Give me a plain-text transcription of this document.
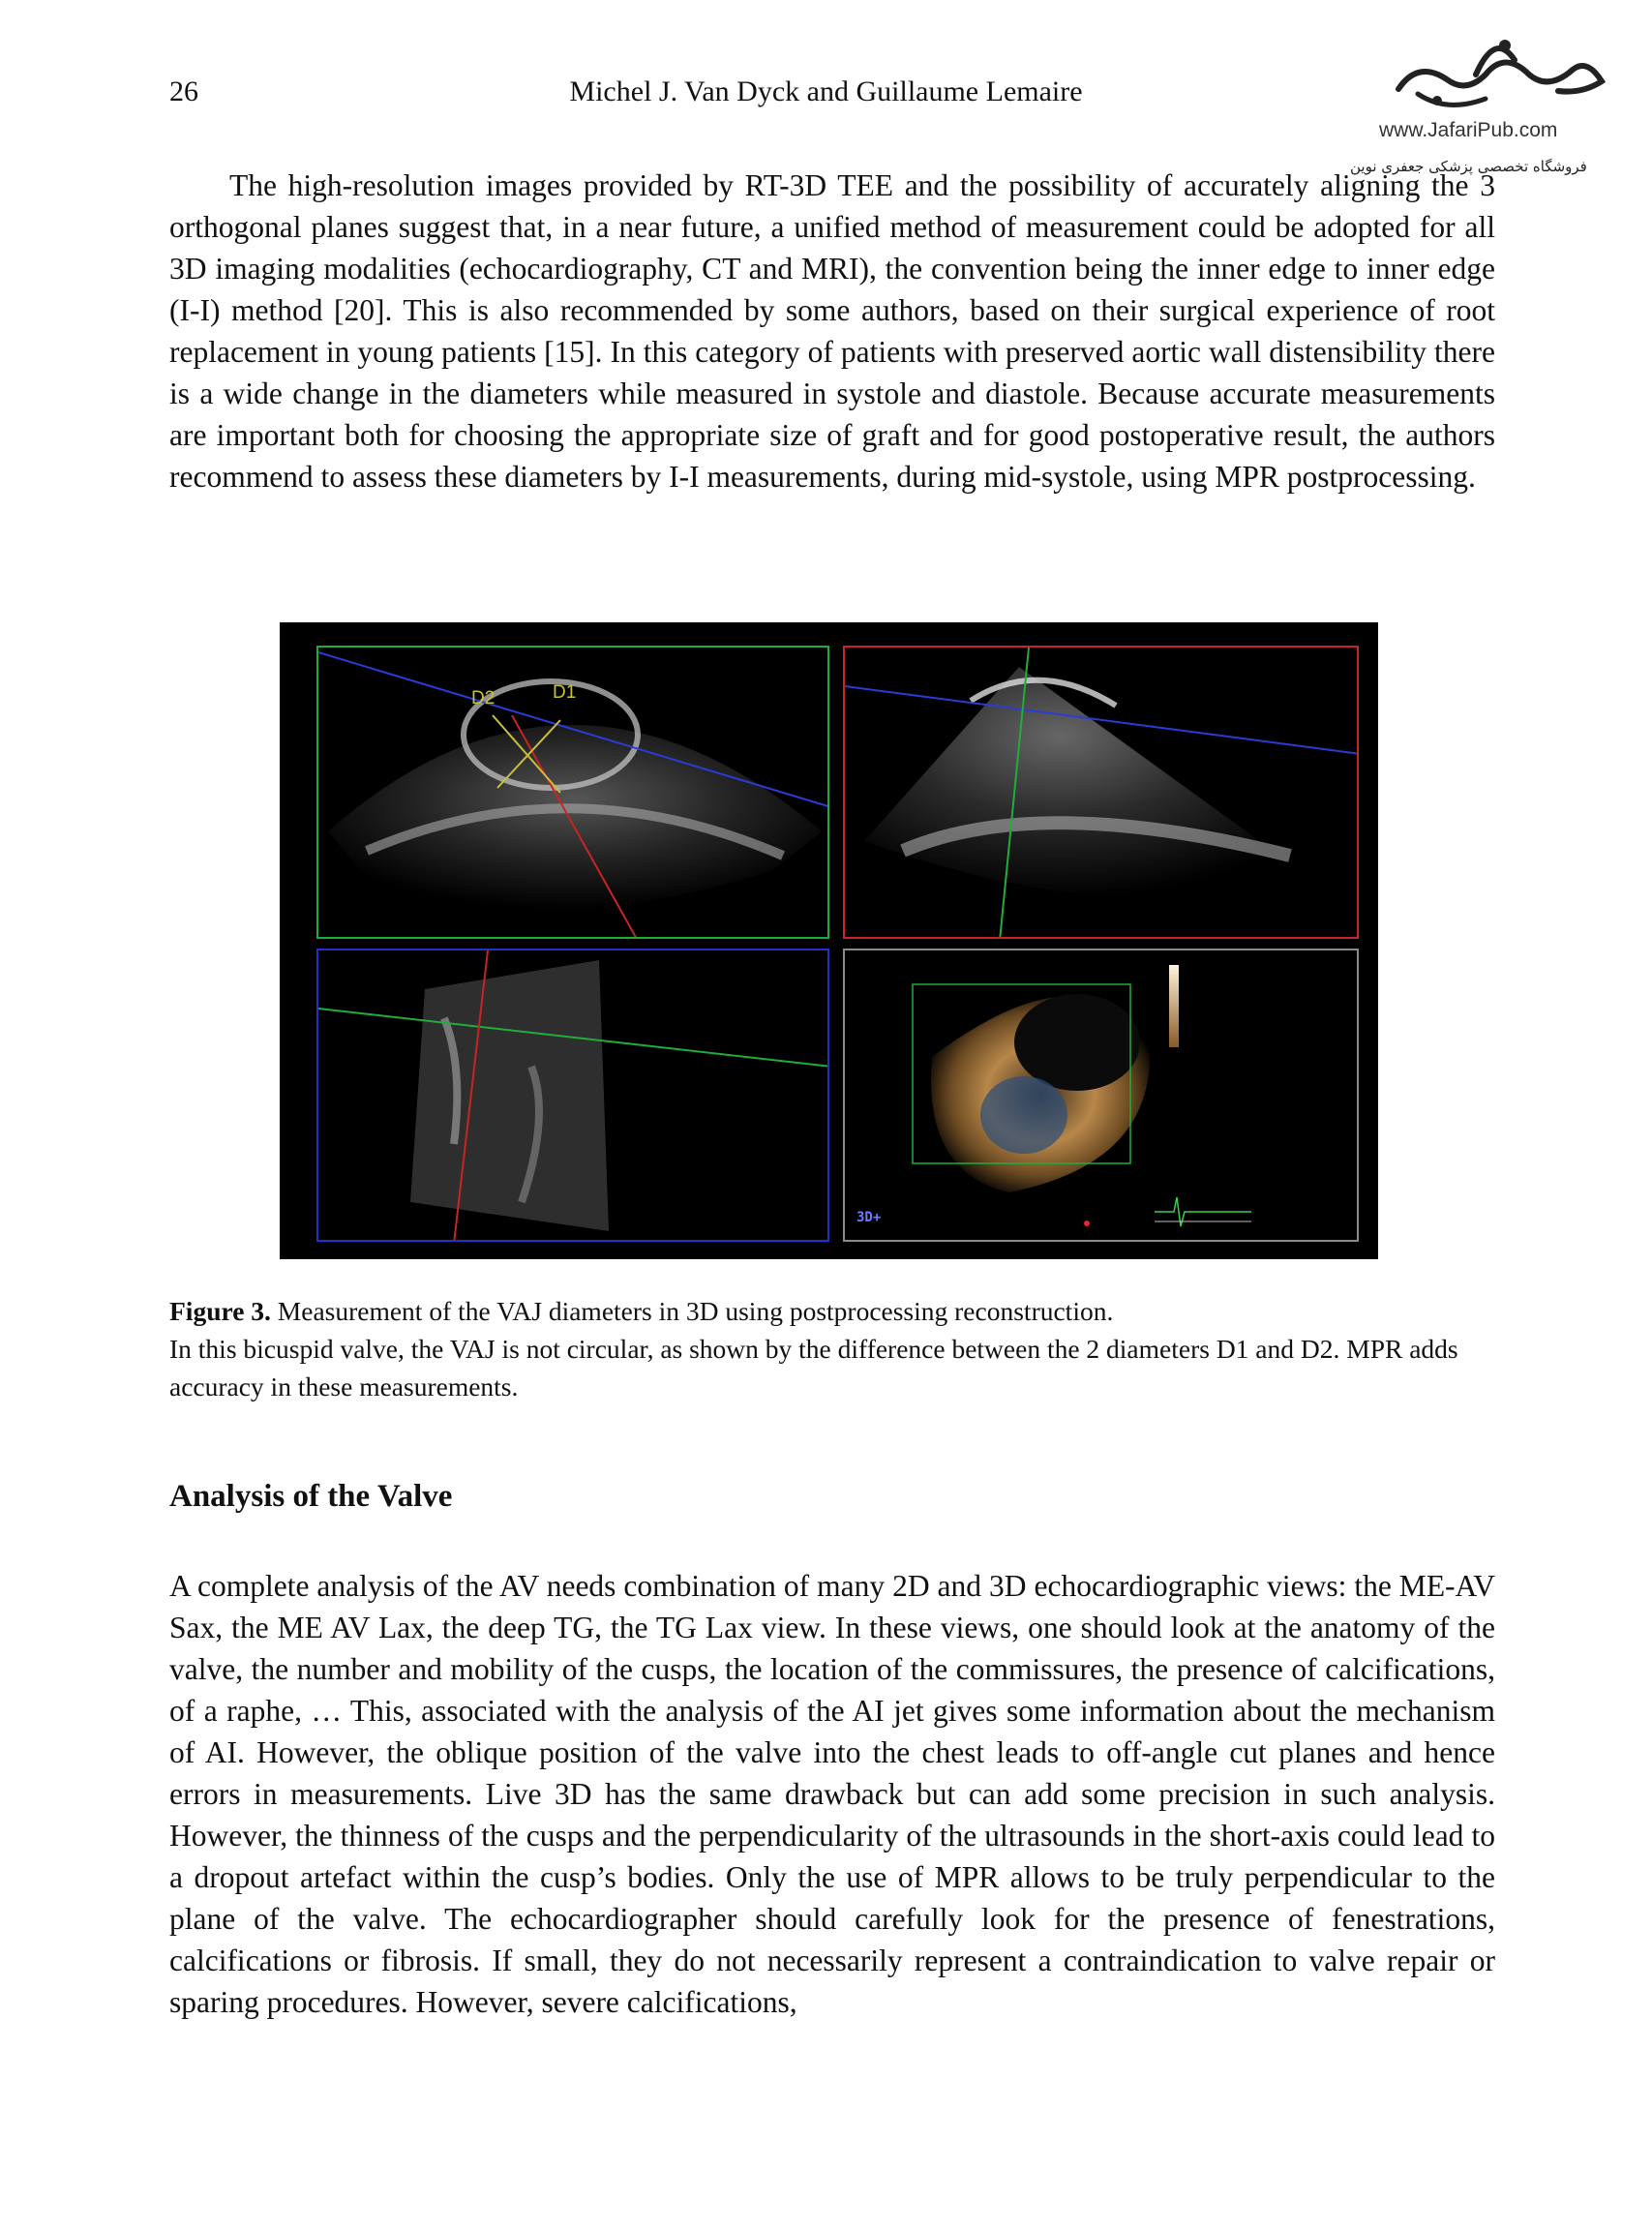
26	Michel J. Van Dyck and Guillaume Lemaire
www.JafariPub.com
فروشگاه تخصصی پزشکی جعفری نوین

The high-resolution images provided by RT-3D TEE and the possibility of accurately aligning the 3 orthogonal planes suggest that, in a near future, a unified method of measurement could be adopted for all 3D imaging modalities (echocardiography, CT and MRI), the convention being the inner edge to inner edge (I-I) method [20]. This is also recommended by some authors, based on their surgical experience of root replacement in young patients [15]. In this category of patients with preserved aortic wall distensibility there is a wide change in the diameters while measured in systole and diastole. Because accurate measurements are important both for choosing the appropriate size of graft and for good postoperative result, the authors recommend to assess these diameters by I-I measurements, during mid-systole, using MPR postprocessing.

D2	D1
3D+

Figure 3. Measurement of the VAJ diameters in 3D using postprocessing reconstruction.
In this bicuspid valve, the VAJ is not circular, as shown by the difference between the 2 diameters D1 and D2. MPR adds accuracy in these measurements.

Analysis of the Valve

A complete analysis of the AV needs combination of many 2D and 3D echocardiographic views: the ME-AV Sax, the ME AV Lax, the deep TG, the TG Lax view. In these views, one should look at the anatomy of the valve, the number and mobility of the cusps, the location of the commissures, the presence of calcifications, of a raphe, … This, associated with the analysis of the AI jet gives some information about the mechanism of AI. However, the oblique position of the valve into the chest leads to off-angle cut planes and hence errors in measurements. Live 3D has the same drawback but can add some precision in such analysis. However, the thinness of the cusps and the perpendicularity of the ultrasounds in the short-axis could lead to a dropout artefact within the cusp’s bodies. Only the use of MPR allows to be truly perpendicular to the plane of the valve. The echocardiographer should carefully look for the presence of fenestrations, calcifications or fibrosis. If small, they do not necessarily represent a contraindication to valve repair or sparing procedures. However, severe calcifications,
